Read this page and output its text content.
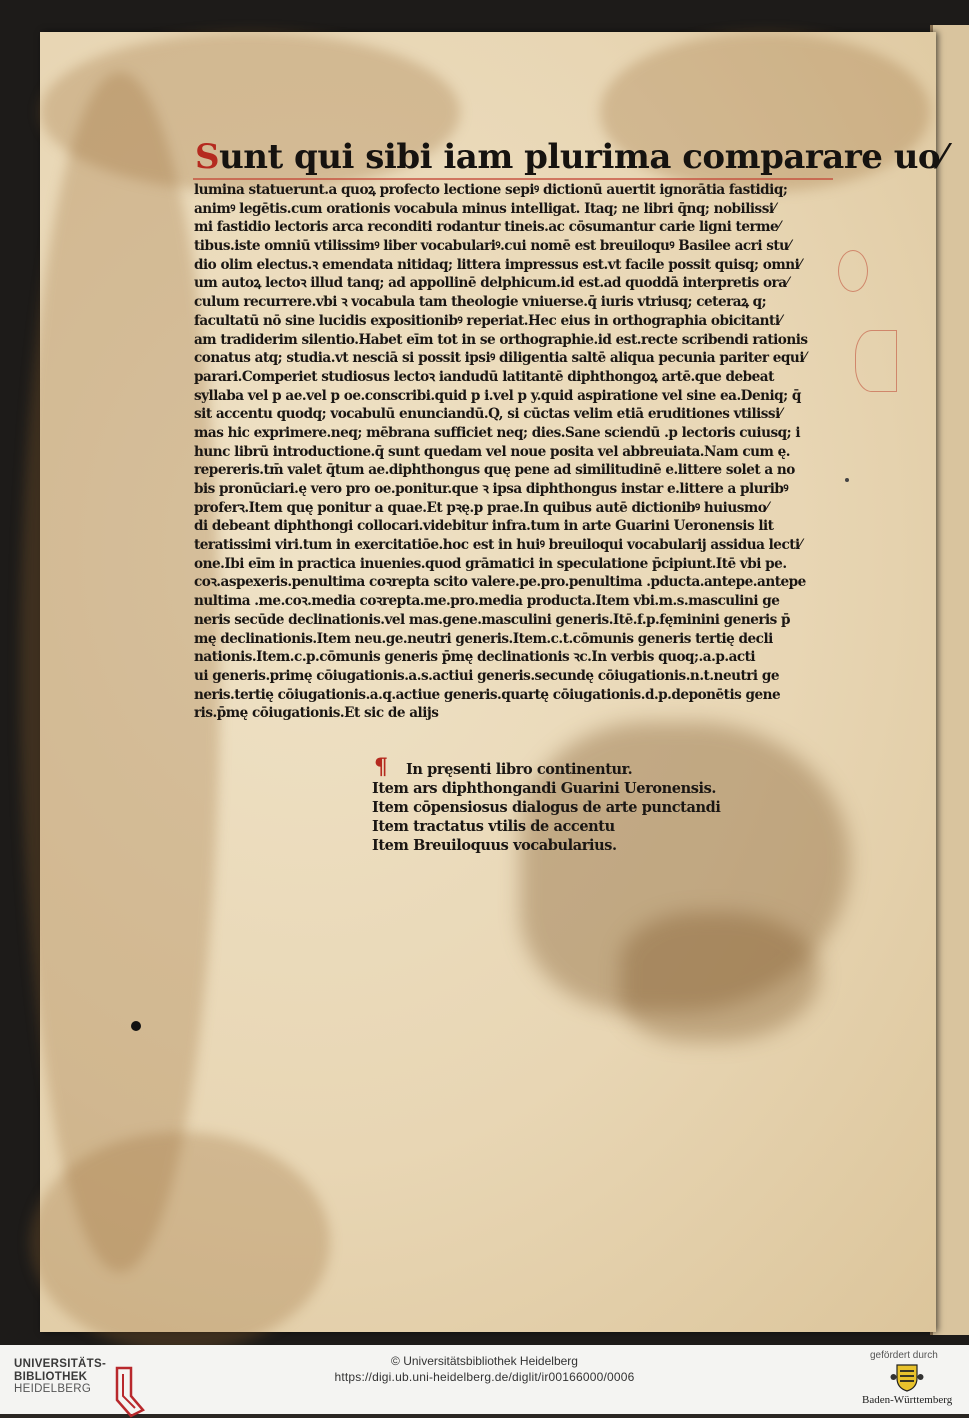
Sunt qui sibi iam plurima comparare uo⁄
lumina statuerunt.a quoꝝ profecto lectione sepiꝰ dictionū auertit ignorātia fastidiq;
animꝰ legētis.cum orationis vocabula minus intelligat. Itaq; ne libri q̄nq; nobilissi⁄
mi fastidio lectoris arca reconditi rodantur tineis.ac cōsumantur carie ligni terme⁄
tibus.iste omniū vtilissimꝰ liber vocabulariꝰ.cui nomē est breuiloquꝰ Basilee acri stu⁄
dio olim electus.ꝛ emendata nitidaq; littera impressus est.vt facile possit quisq; omni⁄
um autoꝝ lectoꝛ illud tanq; ad appollinē delphicum.id est.ad quoddā interpretis ora⁄
culum recurrere.vbi ꝛ vocabula tam theologie vniuerse.q̄ iuris vtriusq; ceteraꝝ q;
facultatū nō sine lucidis expositionibꝰ reperiat.Hec eius in orthographia obicitanti⁄
am tradiderim silentio.Habet eīm tot in se orthographie.id est.recte scribendi rationis
conatus atq; studia.vt nesciā si possit ipsiꝰ diligentia saltē aliqua pecunia pariter equi⁄
parari.Comperiet studiosus lectoꝛ iandudū latitantē diphthongoꝝ artē.que debeat
syllaba vel p ae.vel p oe.conscribi.quid p i.vel p y.quid aspiratione vel sine ea.Deniq; q̄
sit accentu quodq; vocabulū enunciandū.Q, si cūctas velim etiā eruditiones vtilissi⁄
mas hic exprimere.neq; mēbrana sufficiet neq; dies.Sane sciendū .p lectoris cuiusq; i
hunc librū introductione.q̄ sunt quedam vel noue posita vel abbreuiata.Nam cum ę.
repereris.tm̄ valet q̄tum ae.diphthongus quę pene ad similitudinē e.littere solet a no
bis pronūciari.ę vero pro oe.ponitur.que ꝛ ipsa diphthongus instar e.littere a pluribꝰ
proferꝛ.Item quę ponitur a quae.Et pꝛę.p prae.In quibus autē dictionibꝰ huiusmo⁄
di debeant diphthongi collocari.videbitur infra.tum in arte Guarini Ueronensis lit
teratissimi viri.tum in exercitatiōe.hoc est in huiꝰ breuiloqui vocabularij assidua lecti⁄
one.Ibi eīm in practica inuenies.quod grāmatici in speculatione p̄cipiunt.Itē vbi pe.
coꝛ.aspexeris.penultima coꝛrepta scito valere.pe.pro.penultima .pducta.antepe.antepe
nultima .me.coꝛ.media coꝛrepta.me.pro.media producta.Item vbi.m.s.masculini ge
neris secūde declinationis.vel mas.gene.masculini generis.Itē.f.p.fęminini generis p̄
mę declinationis.Item neu.ge.neutri generis.Item.c.t.cōmunis generis tertię decli
nationis.Item.c.p.cōmunis generis p̄mę declinationis ꝛc.In verbis quoq;.a.p.acti
ui generis.primę cōiugationis.a.s.actiui generis.secundę cōiugationis.n.t.neutri ge
neris.tertię cōiugationis.a.q.actiue generis.quartę cōiugationis.d.p.deponētis gene
ris.p̄mę cōiugationis.Et sic de alijs
¶ In pręsenti libro continentur.
Item ars diphthongandi Guarini Ueronensis.
Item cōpensiosus dialogus de arte punctandi
Item tractatus vtilis de accentu
Item Breuiloquus vocabularius.
UNIVERSITÄTS-
BIBLIOTHEK
HEIDELBERG
© Universitätsbibliothek Heidelberg
https://digi.ub.uni-heidelberg.de/diglit/ir00166000/0006
gefördert durch
Baden-Württemberg
